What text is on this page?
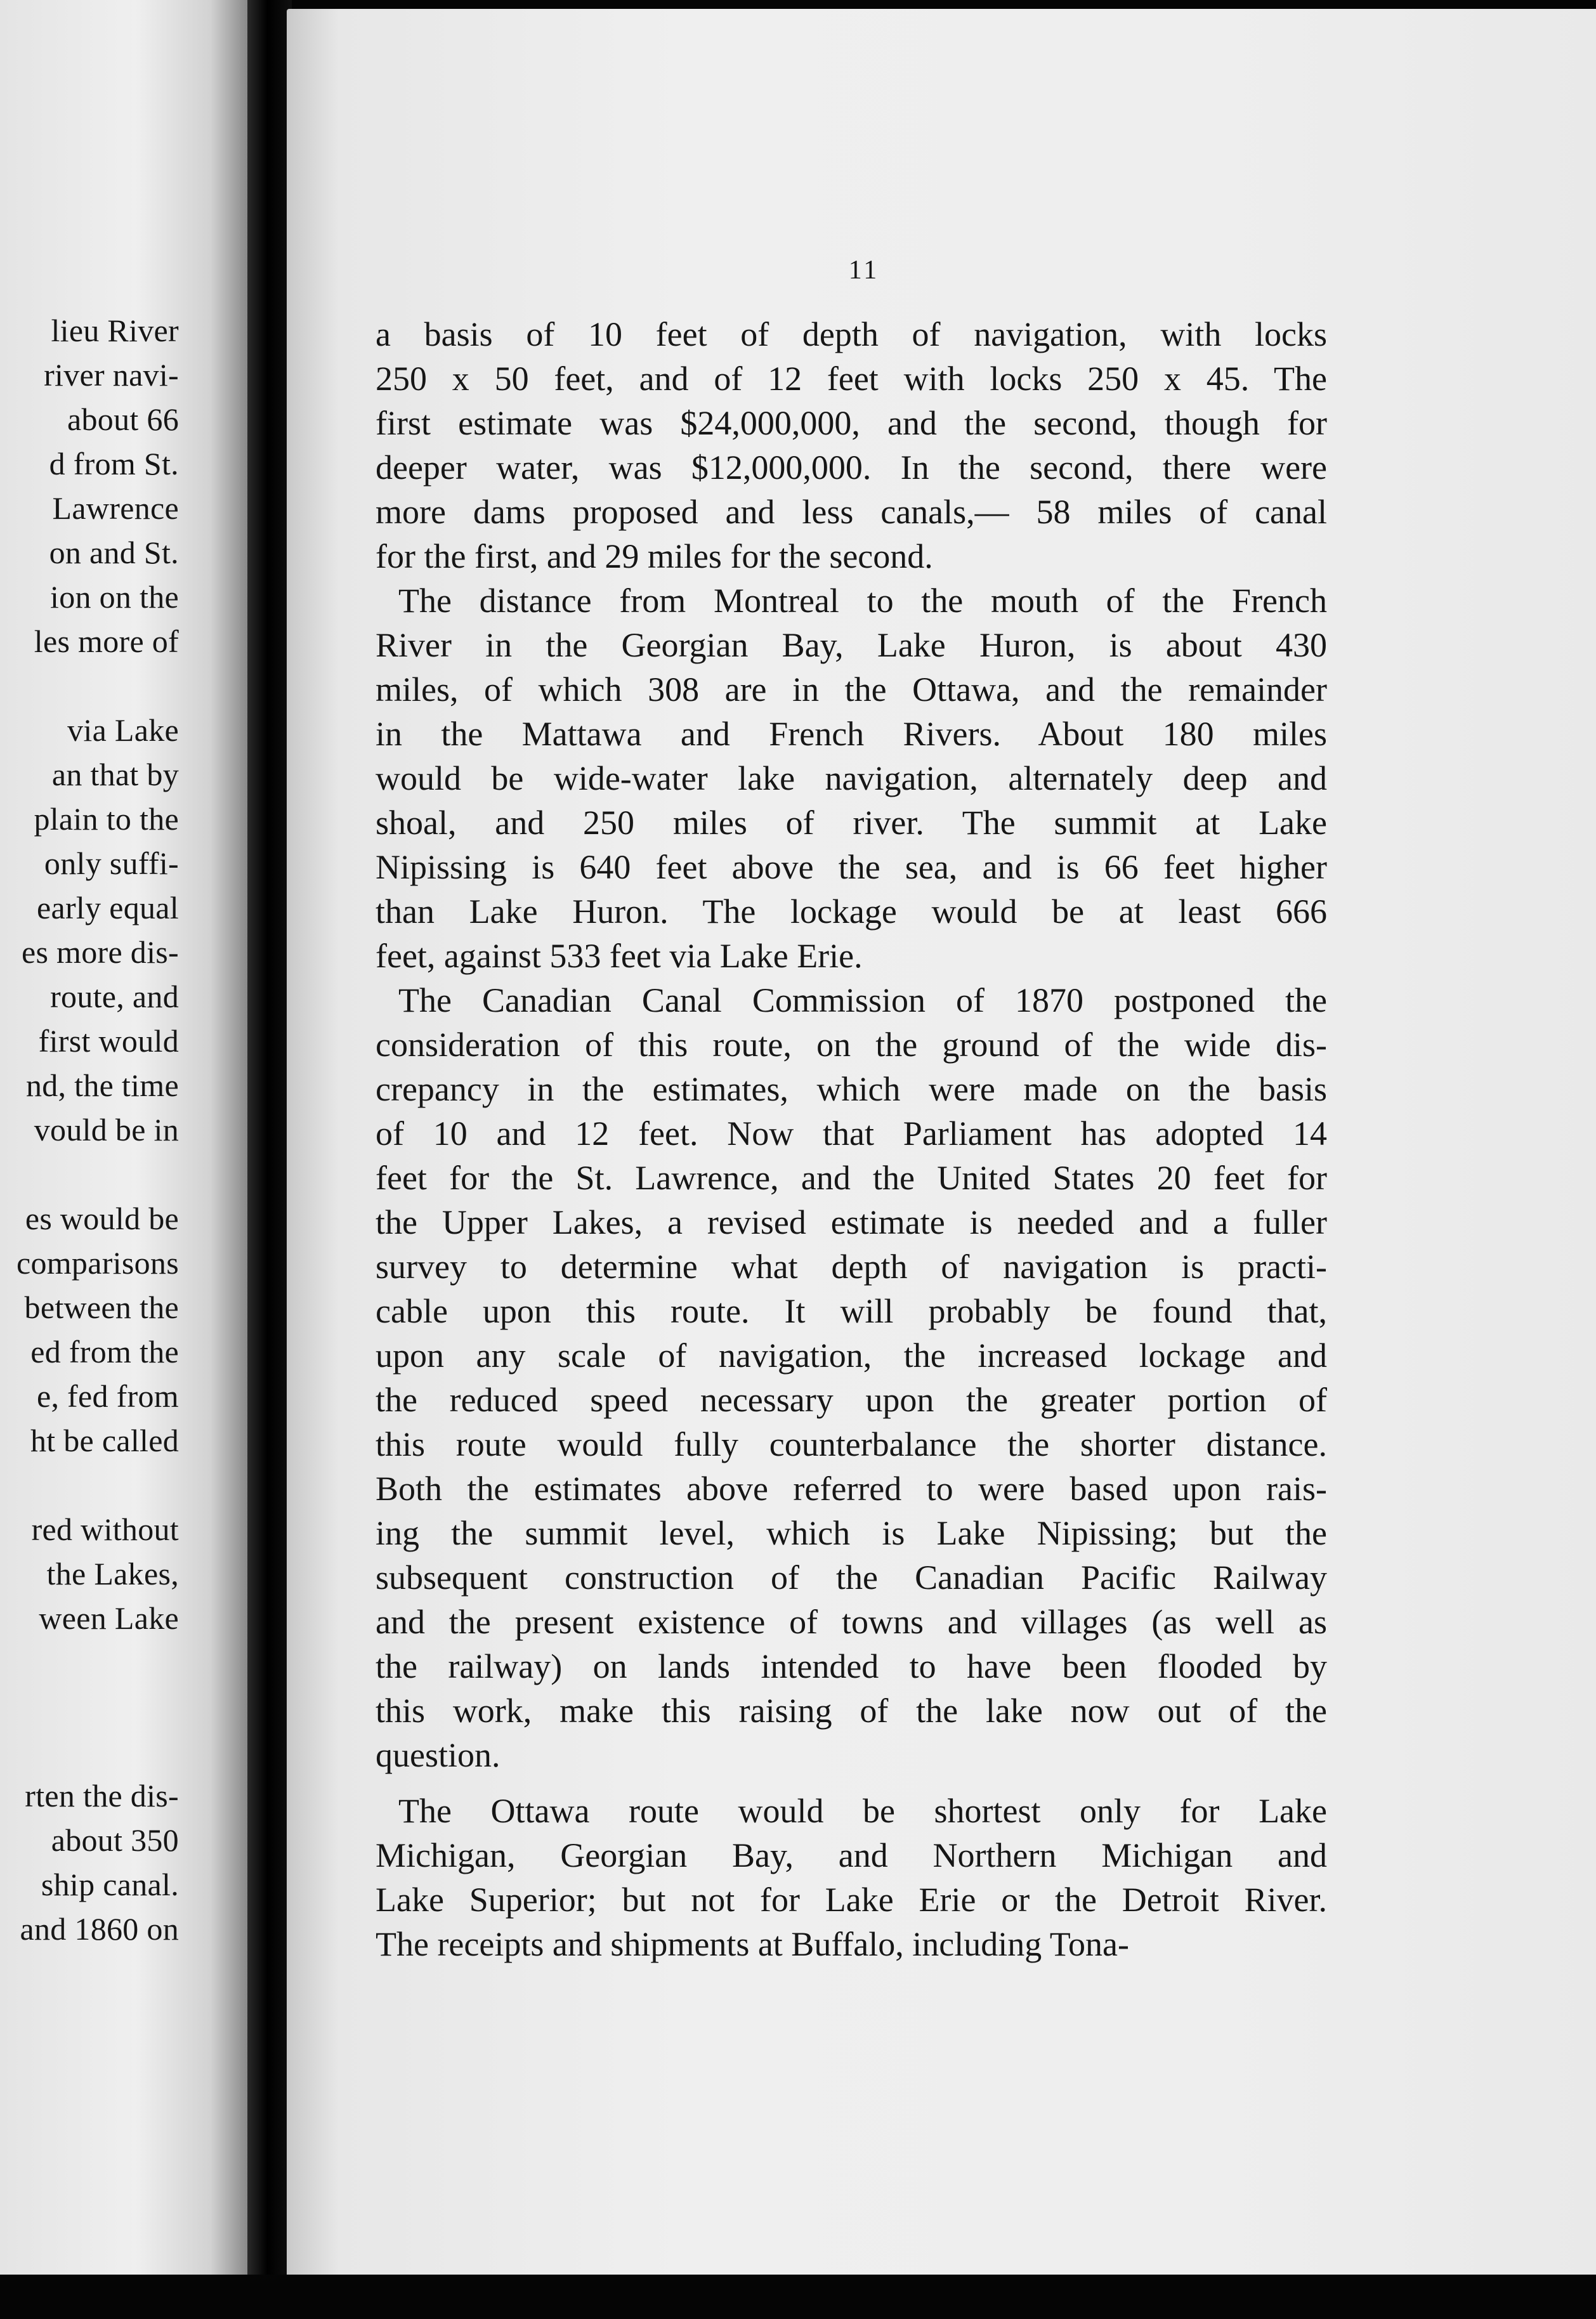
lieu River
river navi-
about 66
d from St.
Lawrence
on and St.
ion on the
les more of
via Lake
an that by
plain to the
only suffi-
early equal
es more dis-
route, and
first would
nd, the time
vould be in
es would be
comparisons
between the
ed from the
e, fed from
ht be called
red without
the Lakes,
ween Lake
rten the dis-
about 350
ship canal.
and 1860 on
11
a basis of 10 feet of depth of navigation, with locks
250 x 50 feet, and of 12 feet with locks 250 x 45. The
first estimate was $24,000,000, and the second, though for
deeper water, was $12,000,000. In the second, there were
more dams proposed and less canals,— 58 miles of canal
for the first, and 29 miles for the second.
The distance from Montreal to the mouth of the French
River in the Georgian Bay, Lake Huron, is about 430
miles, of which 308 are in the Ottawa, and the remainder
in the Mattawa and French Rivers. About 180 miles
would be wide-water lake navigation, alternately deep and
shoal, and 250 miles of river. The summit at Lake
Nipissing is 640 feet above the sea, and is 66 feet higher
than Lake Huron. The lockage would be at least 666
feet, against 533 feet via Lake Erie.
The Canadian Canal Commission of 1870 postponed the
consideration of this route, on the ground of the wide dis-
crepancy in the estimates, which were made on the basis
of 10 and 12 feet. Now that Parliament has adopted 14
feet for the St. Lawrence, and the United States 20 feet for
the Upper Lakes, a revised estimate is needed and a fuller
survey to determine what depth of navigation is practi-
cable upon this route. It will probably be found that,
upon any scale of navigation, the increased lockage and
the reduced speed necessary upon the greater portion of
this route would fully counterbalance the shorter distance.
Both the estimates above referred to were based upon rais-
ing the summit level, which is Lake Nipissing; but the
subsequent construction of the Canadian Pacific Railway
and the present existence of towns and villages (as well as
the railway) on lands intended to have been flooded by
this work, make this raising of the lake now out of the
question.
The Ottawa route would be shortest only for Lake
Michigan, Georgian Bay, and Northern Michigan and
Lake Superior; but not for Lake Erie or the Detroit River.
The receipts and shipments at Buffalo, including Tona-
